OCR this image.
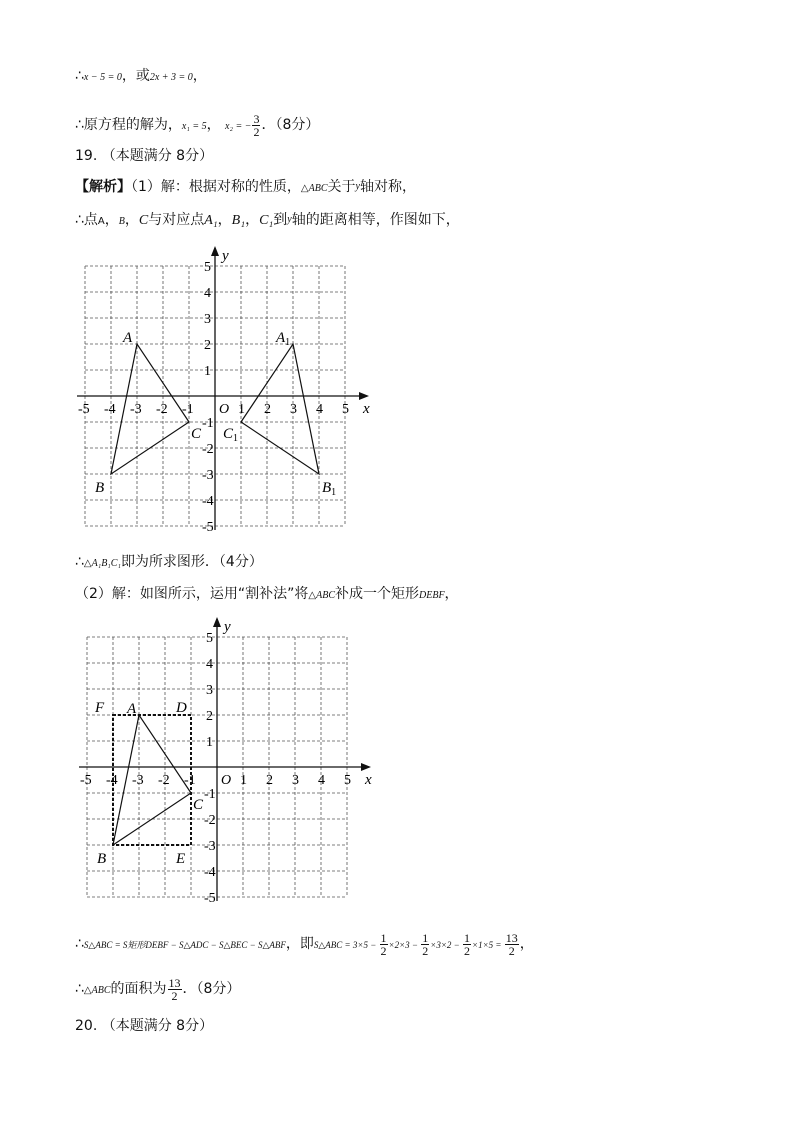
∴x − 5 = 0，或2x + 3 = 0，
∴原方程的解为，x₁ = 5， x₂ = − $\frac{3}{2}$ ．（8分）
19. （本题满分 8分）
【解析】（1）解：根据对称的性质，△ABC关于$^y$轴对称，
∴点A，B，C与对应点A₁，B₁，C₁到$^y$轴的距离相等，作图如下，
x
y
O
-5 -4 -3 -2 -1	1 2 3 4 5
5
4
3
2
1
-1
-2
-3
-4
-5
A
B
C
$A_1$
$B_1$
$C_1$
∴△A₁B₁C₁即为所求图形．（4分）
（2）解：如图所示，运用“割补法”将△ABC补成一个矩形DEBF，
x
y
O
-5 -4 -3 -2 -1	1 2 3 4 5
5
4
3
2
1
-1
-2
-3
-4
-5
A
B
C
D
E
F
∴S△ABC = S矩形DEBF − S△ADC − S△BEC − S△ABF，即S△ABC = $3\times 5 - \frac{1}{2} \times 2\times 3 - \frac{1}{2} \times 3\times 2 - \frac{1}{2} \times 1\times 5 = \frac{13}{2}$ ，
∴△ABC的面积为 $\frac{13}{2}$ ．（8分）
20. （本题满分 8分）
